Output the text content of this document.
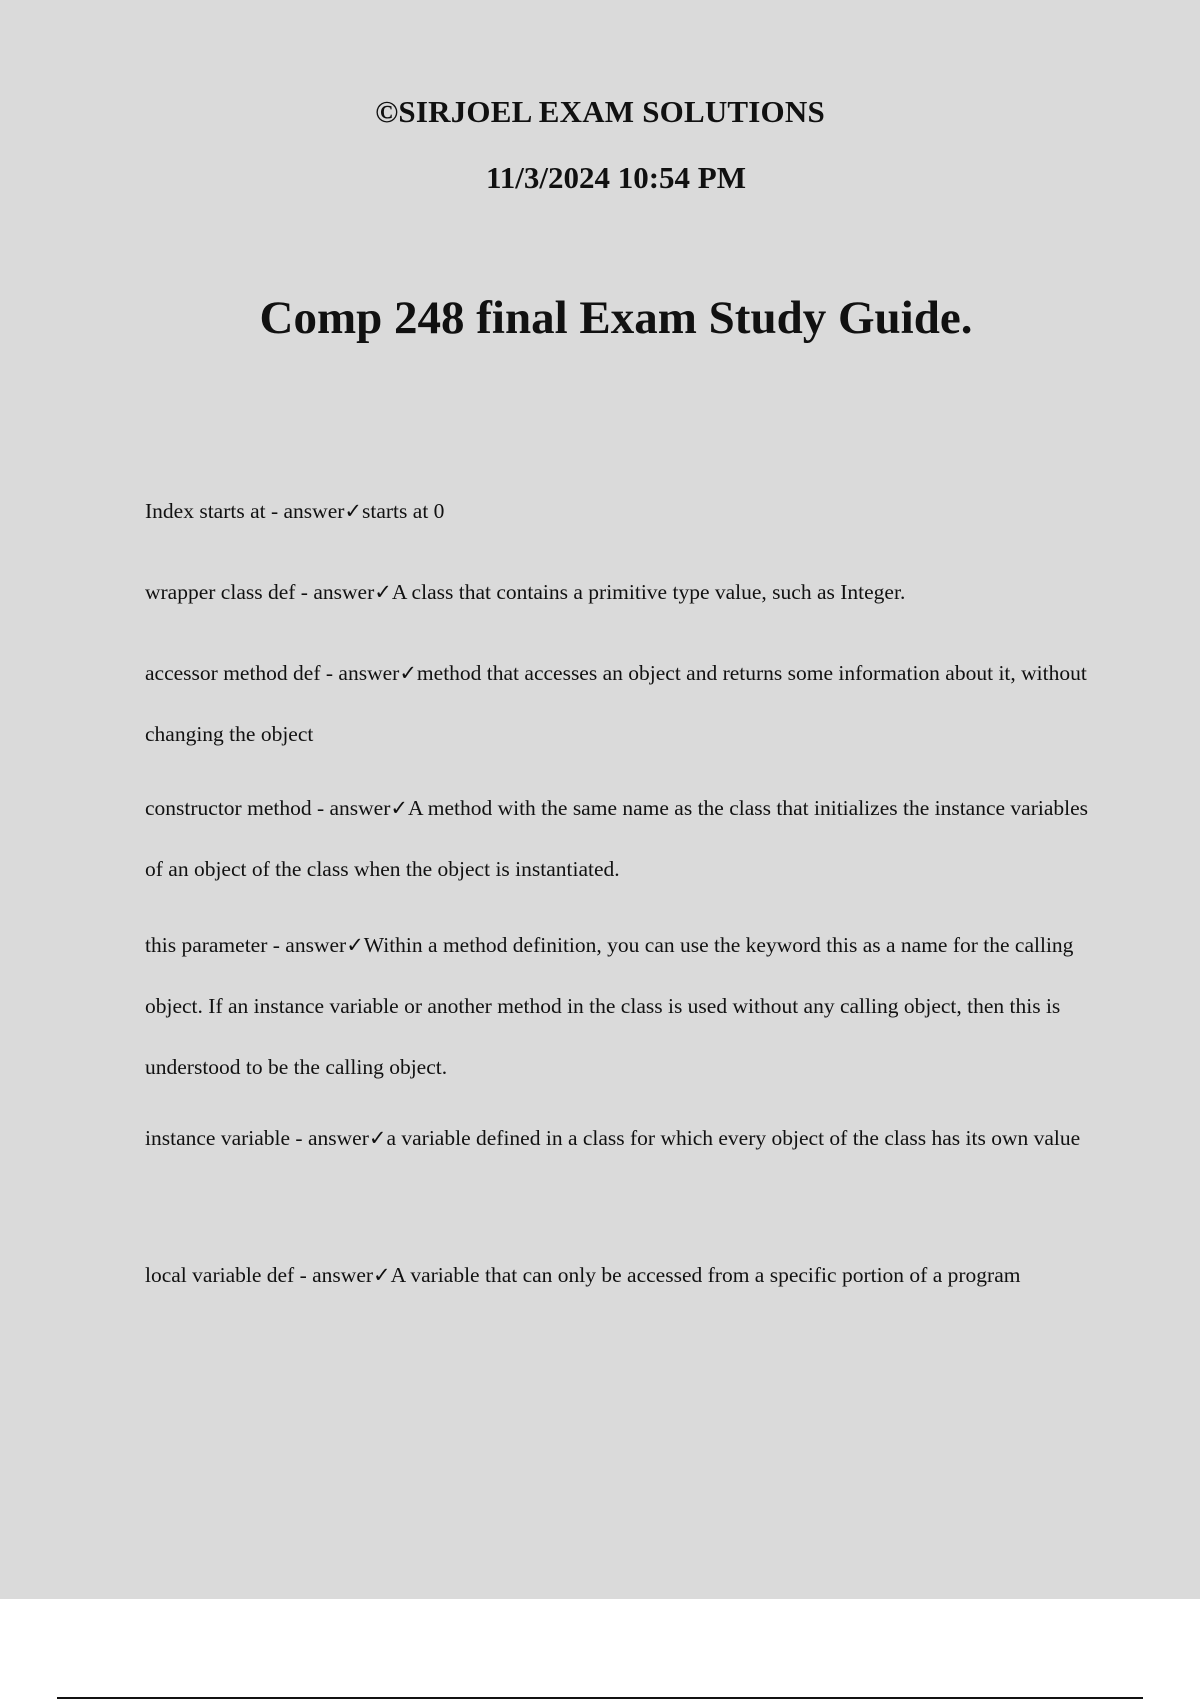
©SIRJOEL EXAM SOLUTIONS
11/3/2024 10:54 PM
Comp 248 final Exam Study Guide.

Index starts at - answer✓starts at 0

wrapper class def - answer✓A class that contains a primitive type value, such as Integer.

accessor method def - answer✓method that accesses an object and returns some information about it, without changing the object

constructor method - answer✓A method with the same name as the class that initializes the instance variables of an object of the class when the object is instantiated.

this parameter - answer✓Within a method definition, you can use the keyword this as a name for the calling object. If an instance variable or another method in the class is used without any calling object, then this is understood to be the calling object.

instance variable - answer✓a variable defined in a class for which every object of the class has its own value

local variable def - answer✓A variable that can only be accessed from a specific portion of a program
